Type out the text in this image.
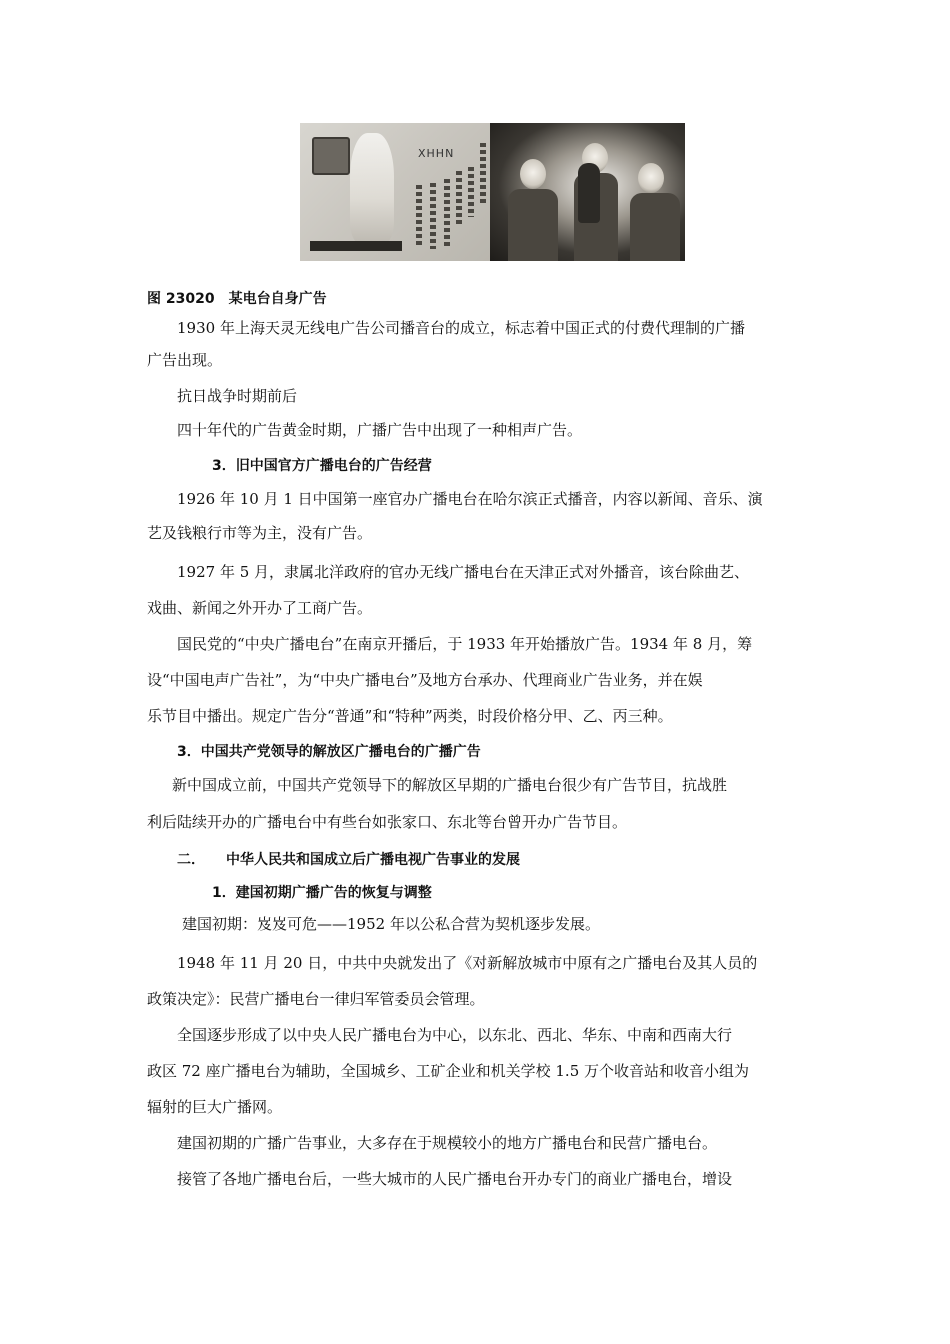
XHHN
图 23020　某电台自身广告
1930 年上海天灵无线电广告公司播音台的成立，标志着中国正式的付费代理制的广播
广告出现。
抗日战争时期前后
四十年代的广告黄金时期，广播广告中出现了一种相声广告。
3．旧中国官方广播电台的广告经营
1926 年 10 月 1 日中国第一座官办广播电台在哈尔滨正式播音，内容以新闻、音乐、演
艺及钱粮行市等为主，没有广告。
1927 年 5 月，隶属北洋政府的官办无线广播电台在天津正式对外播音，该台除曲艺、
戏曲、新闻之外开办了工商广告。
国民党的“中央广播电台”在南京开播后，于 1933 年开始播放广告。1934 年 8 月，筹
设“中国电声广告社”，为“中央广播电台”及地方台承办、代理商业广告业务，并在娱
乐节目中播出。规定广告分“普通”和“特种”两类，时段价格分甲、乙、丙三种。
3．中国共产党领导的解放区广播电台的广播广告
新中国成立前，中国共产党领导下的解放区早期的广播电台很少有广告节目，抗战胜
利后陆续开办的广播电台中有些台如张家口、东北等台曾开办广告节目。
二．　　中华人民共和国成立后广播电视广告事业的发展
1．建国初期广播广告的恢复与调整
建国初期：岌岌可危——1952 年以公私合营为契机逐步发展。
1948 年 11 月 20 日，中共中央就发出了《对新解放城市中原有之广播电台及其人员的
政策决定》：民营广播电台一律归军管委员会管理。
全国逐步形成了以中央人民广播电台为中心，以东北、西北、华东、中南和西南大行
政区 72 座广播电台为辅助，全国城乡、工矿企业和机关学校 1.5 万个收音站和收音小组为
辐射的巨大广播网。
建国初期的广播广告事业，大多存在于规模较小的地方广播电台和民营广播电台。
接管了各地广播电台后，一些大城市的人民广播电台开办专门的商业广播电台，增设
